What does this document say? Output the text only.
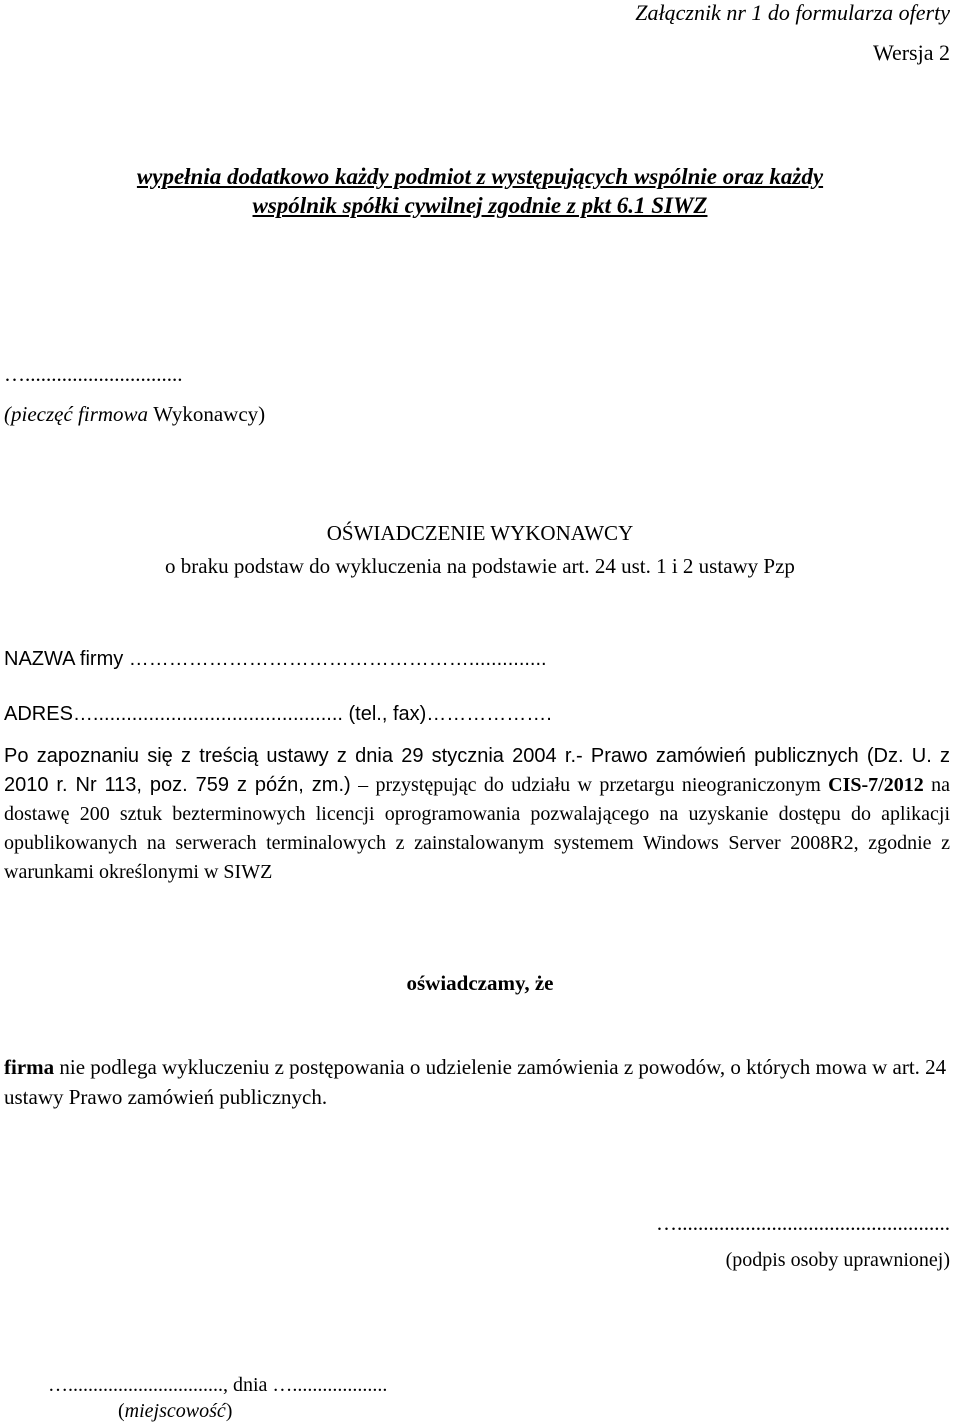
Załącznik nr 1 do formularza oferty
Wersja 2
wypełnia dodatkowo każdy podmiot z występujących wspólnie oraz każdy
wspólnik spółki cywilnej zgodnie z pkt 6.1 SIWZ
…..............................
(pieczęć firmowa Wykonawcy)
OŚWIADCZENIE WYKONAWCY
o braku podstaw do wykluczenia na podstawie art. 24 ust. 1 i 2 ustawy Pzp
NAZWA firmy ……………………………………………..............
ADRES…............................................. (tel., fax)……………….
Po zapoznaniu się z treścią ustawy z dnia 29 stycznia 2004 r.- Prawo zamówień publicznych (Dz. U. z 2010 r. Nr 113, poz. 759 z późn, zm.) – przystępując do udziału w przetargu nieograniczonym CIS-7/2012 na dostawę 200 sztuk bezterminowych licencji oprogramowania pozwalającego na uzyskanie dostępu do aplikacji opublikowanych na serwerach terminalowych z zainstalowanym systemem Windows Server 2008R2, zgodnie z warunkami określonymi w SIWZ
oświadczamy, że
firma nie podlega wykluczeniu z postępowania o udzielenie zamówienia z powodów, o których mowa w art. 24 ustawy Prawo zamówień publicznych.
…....................................................
(podpis osoby uprawnionej)
…..............................., dnia …...................
(miejscowość)
